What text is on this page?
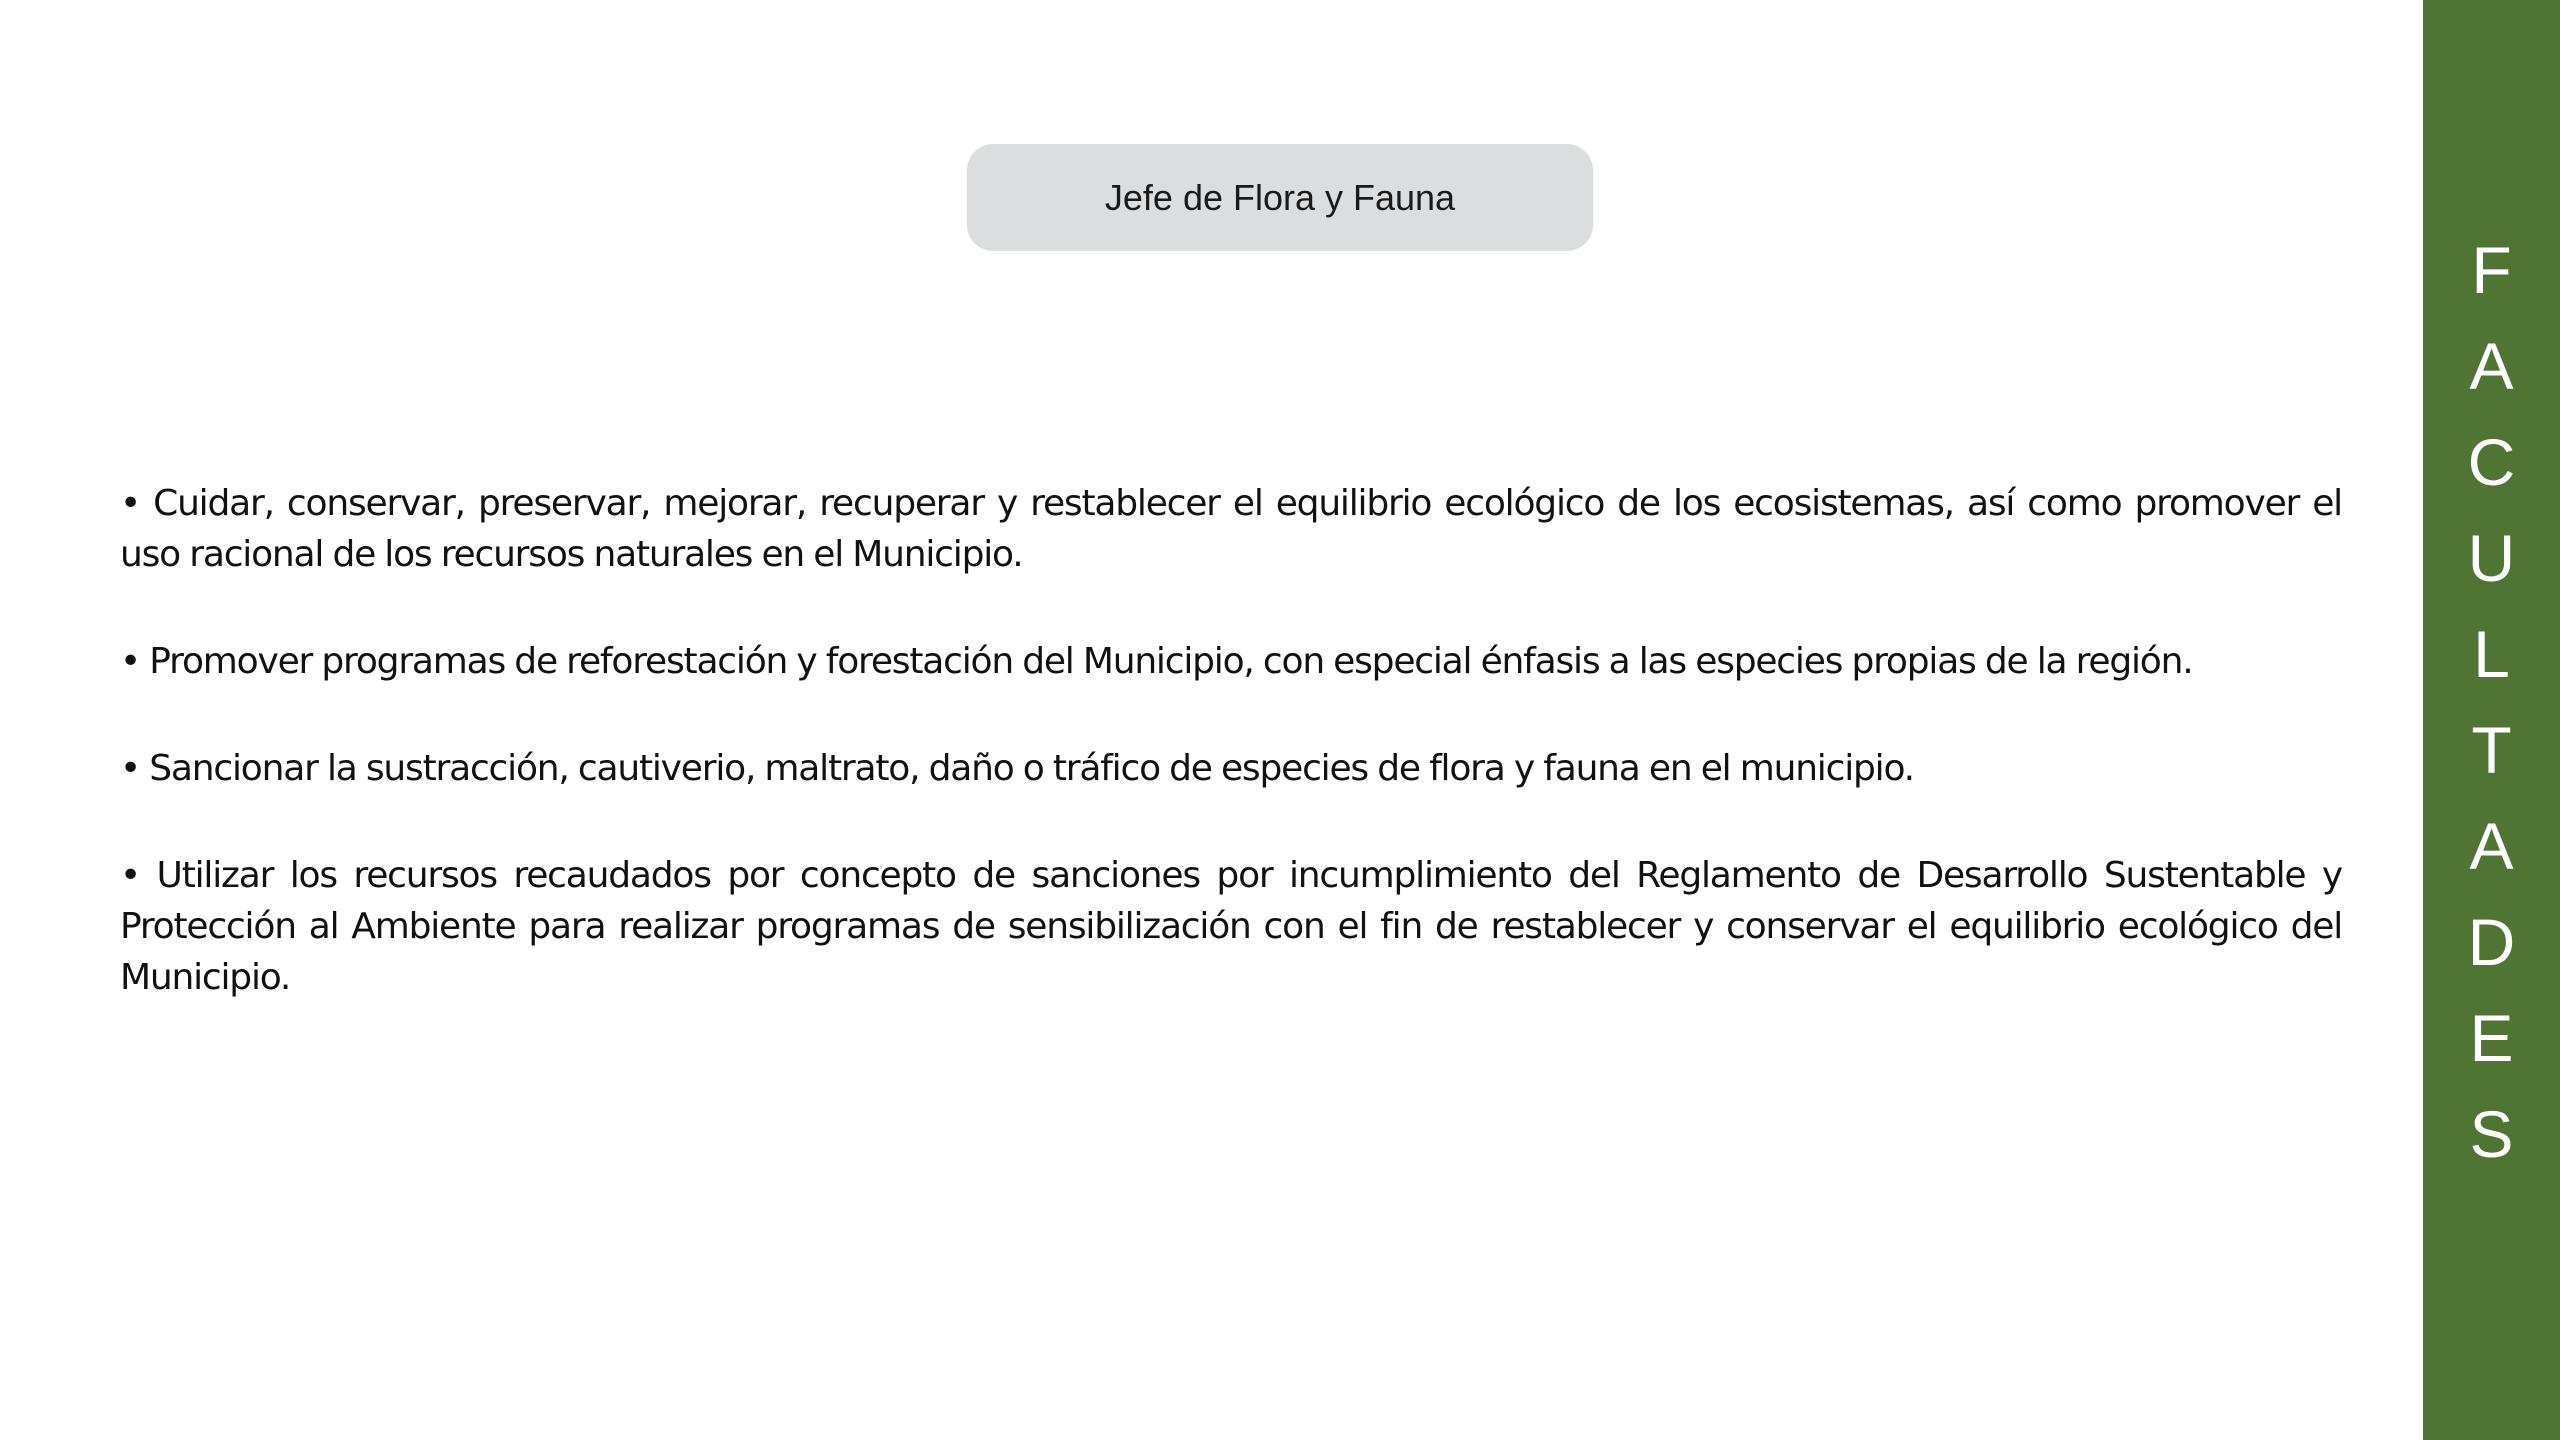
Jefe de Flora y Fauna

• Cuidar, conservar, preservar, mejorar, recuperar y restablecer el equilibrio ecológico de los ecosistemas, así como promover el uso racional de los recursos naturales en el Municipio.

• Promover programas de reforestación y forestación del Municipio, con especial énfasis a las especies propias de la región.

• Sancionar la sustracción, cautiverio, maltrato, daño o tráfico de especies de flora y fauna en el municipio.

• Utilizar los recursos recaudados por concepto de sanciones por incumplimiento del Reglamento de Desarrollo Sustentable y Protección al Ambiente para realizar programas de sensibilización con el fin de restablecer y conservar el equilibrio ecológico del Municipio.

F
A
C
U
L
T
A
D
E
S
